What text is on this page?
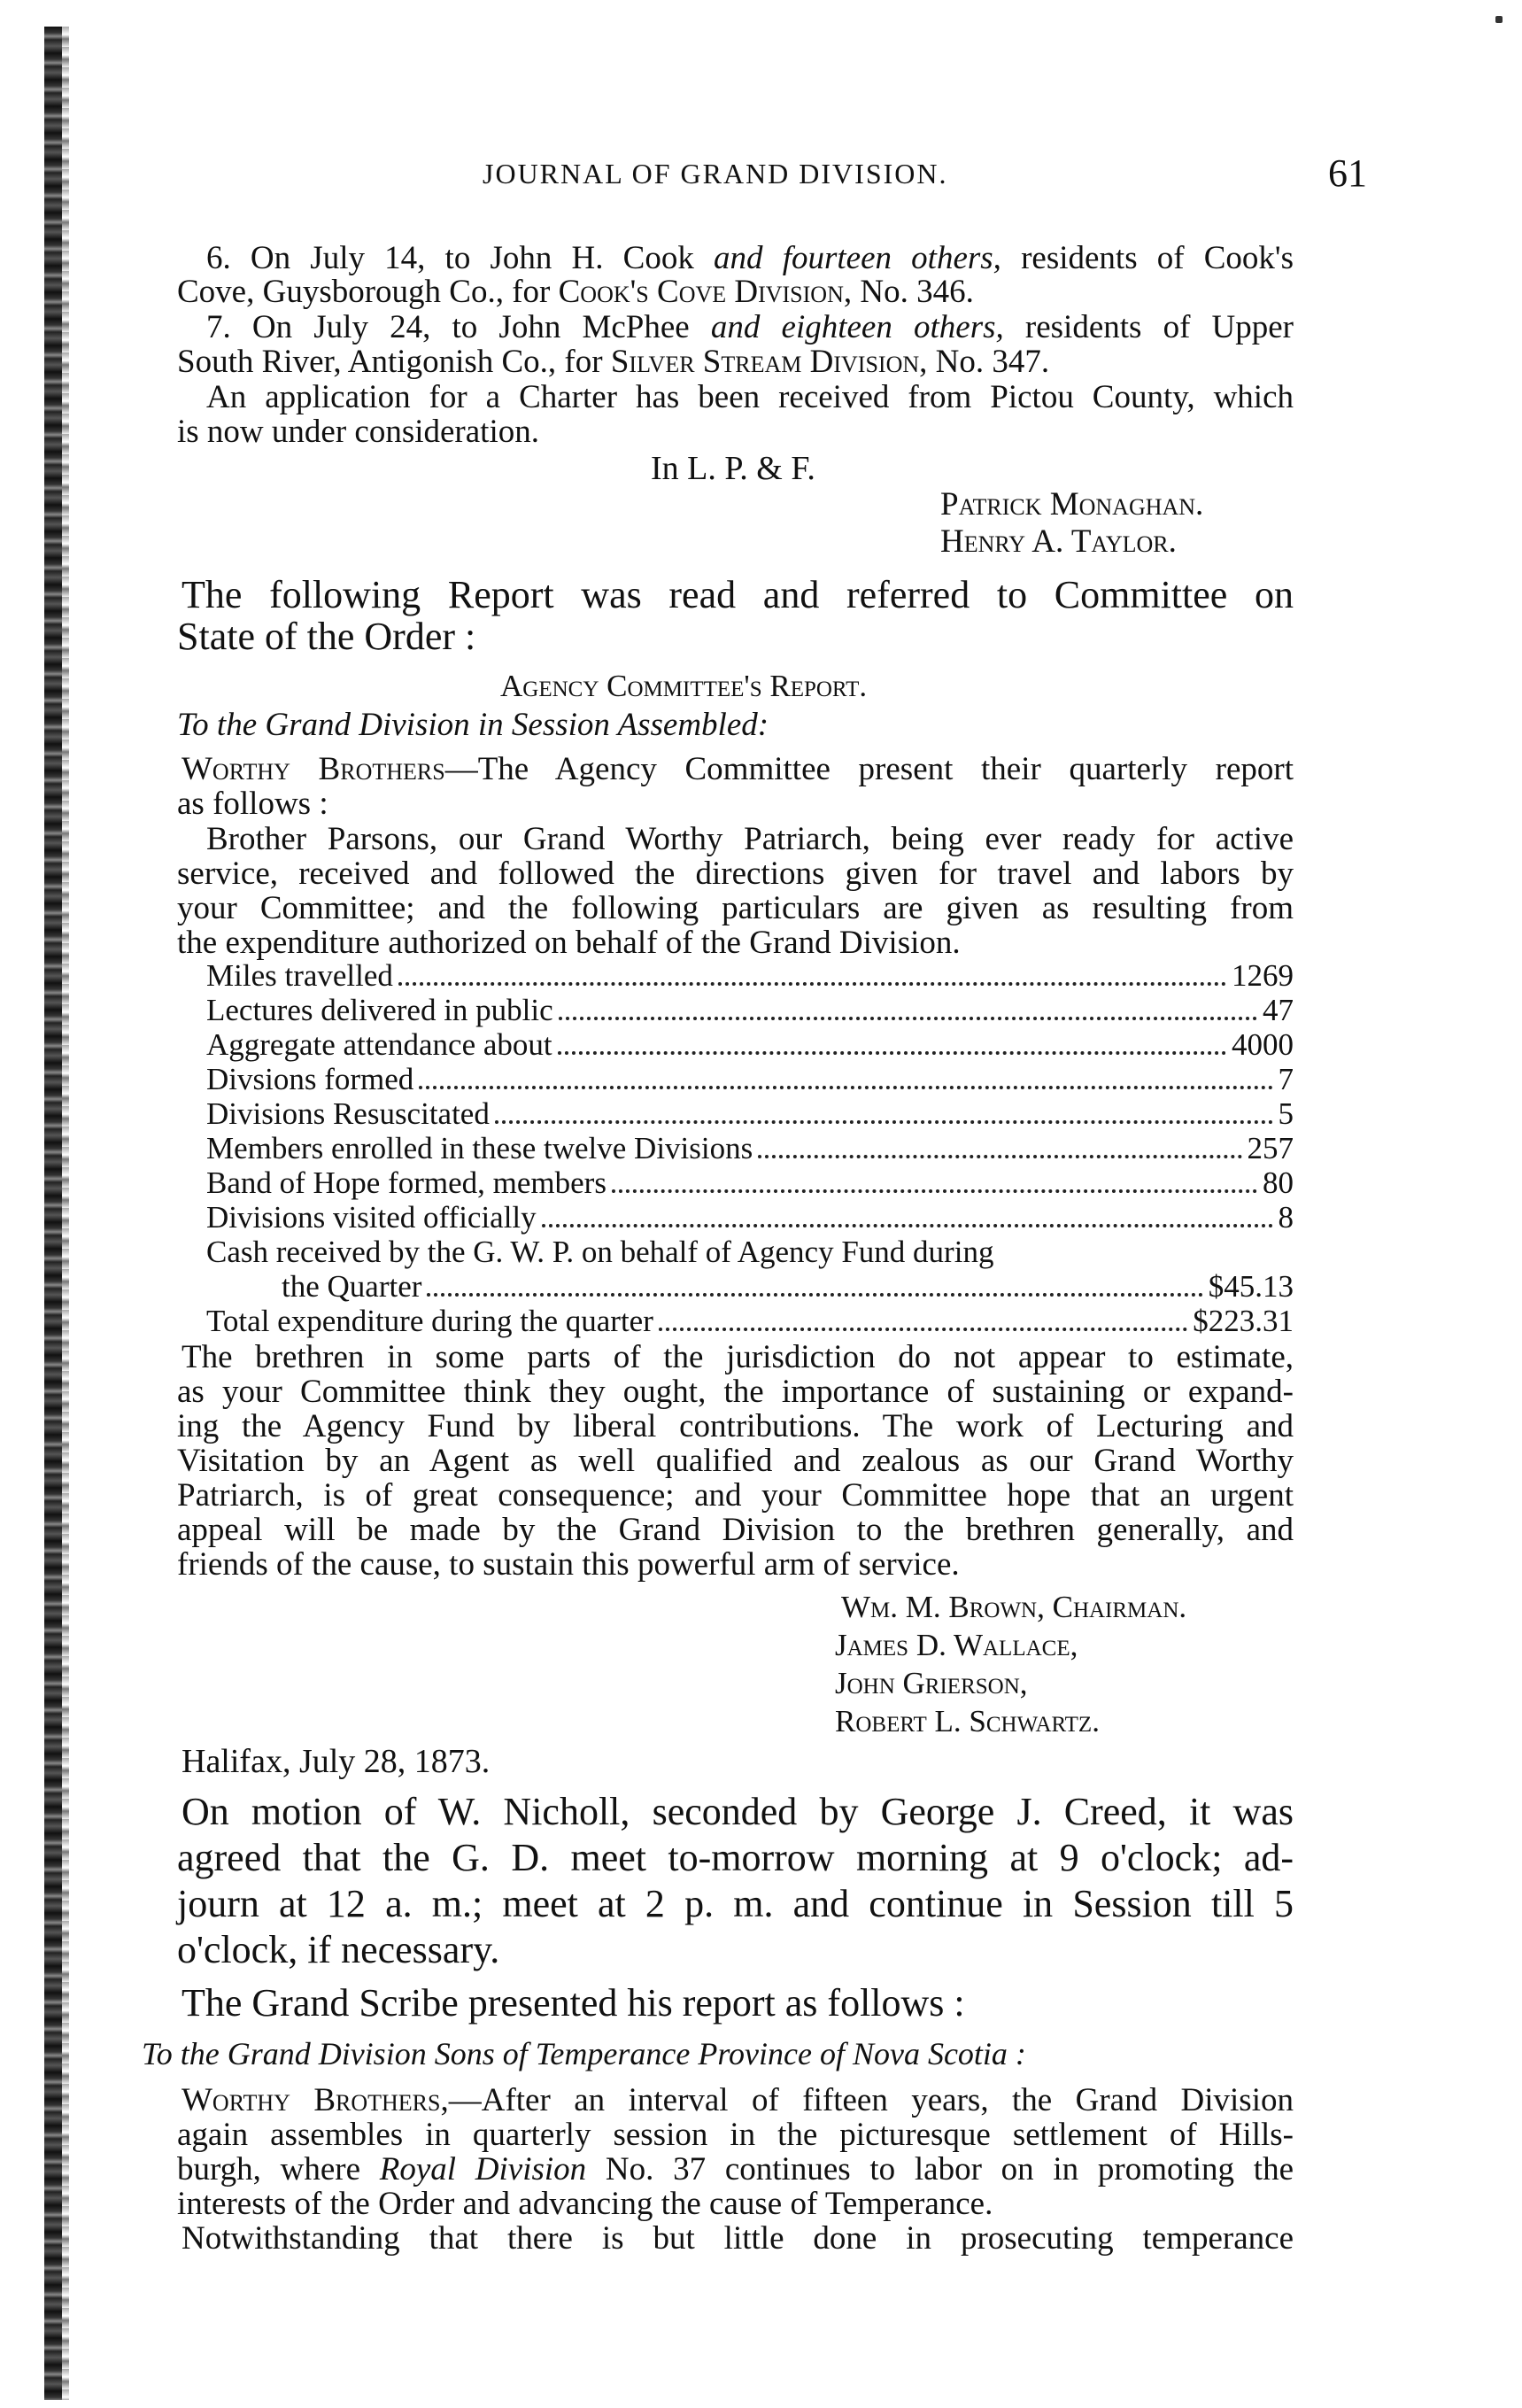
JOURNAL OF GRAND DIVISION.	61
6. On July 14, to John H. Cook and fourteen others, residents of Cook's
Cove, Guysborough Co., for Cook's Cove Division, No. 346.
7. On July 24, to John McPhee and eighteen others, residents of Upper
South River, Antigonish Co., for Silver Stream Division, No. 347.
An application for a Charter has been received from Pictou County, which
is now under consideration.
In L. P. & F.
Patrick Monaghan.
Henry A. Taylor.
The following Report was read and referred to Committee on
State of the Order :
Agency Committee's Report.
To the Grand Division in Session Assembled:
Worthy Brothers—The Agency Committee present their quarterly report
as follows :
Brother Parsons, our Grand Worthy Patriarch, being ever ready for active
service, received and followed the directions given for travel and labors by
your Committee; and the following particulars are given as resulting from
the expenditure authorized on behalf of the Grand Division.
Miles travelled	1269
Lectures delivered in public	47
Aggregate attendance about	4000
Divsions formed	7
Divisions Resuscitated	5
Members enrolled in these twelve Divisions	257
Band of Hope formed, members	80
Divisions visited officially	8
Cash received by the G. W. P. on behalf of Agency Fund during
the Quarter	$45.13
Total expenditure during the quarter	$223.31
The brethren in some parts of the jurisdiction do not appear to estimate,
as your Committee think they ought, the importance of sustaining or expand-
ing the Agency Fund by liberal contributions. The work of Lecturing and
Visitation by an Agent as well qualified and zealous as our Grand Worthy
Patriarch, is of great consequence; and your Committee hope that an urgent
appeal will be made by the Grand Division to the brethren generally, and
friends of the cause, to sustain this powerful arm of service.
Wm. M. Brown, Chairman.
James D. Wallace,
John Grierson,
Robert L. Schwartz.
Halifax, July 28, 1873.
On motion of W. Nicholl, seconded by George J. Creed, it was
agreed that the G. D. meet to-morrow morning at 9 o'clock; ad-
journ at 12 a. m.; meet at 2 p. m. and continue in Session till 5
o'clock, if necessary.
The Grand Scribe presented his report as follows :
To the Grand Division Sons of Temperance Province of Nova Scotia :
Worthy Brothers,—After an interval of fifteen years, the Grand Division
again assembles in quarterly session in the picturesque settlement of Hills-
burgh, where Royal Division No. 37 continues to labor on in promoting the
interests of the Order and advancing the cause of Temperance.
Notwithstanding that there is but little done in prosecuting temperance
